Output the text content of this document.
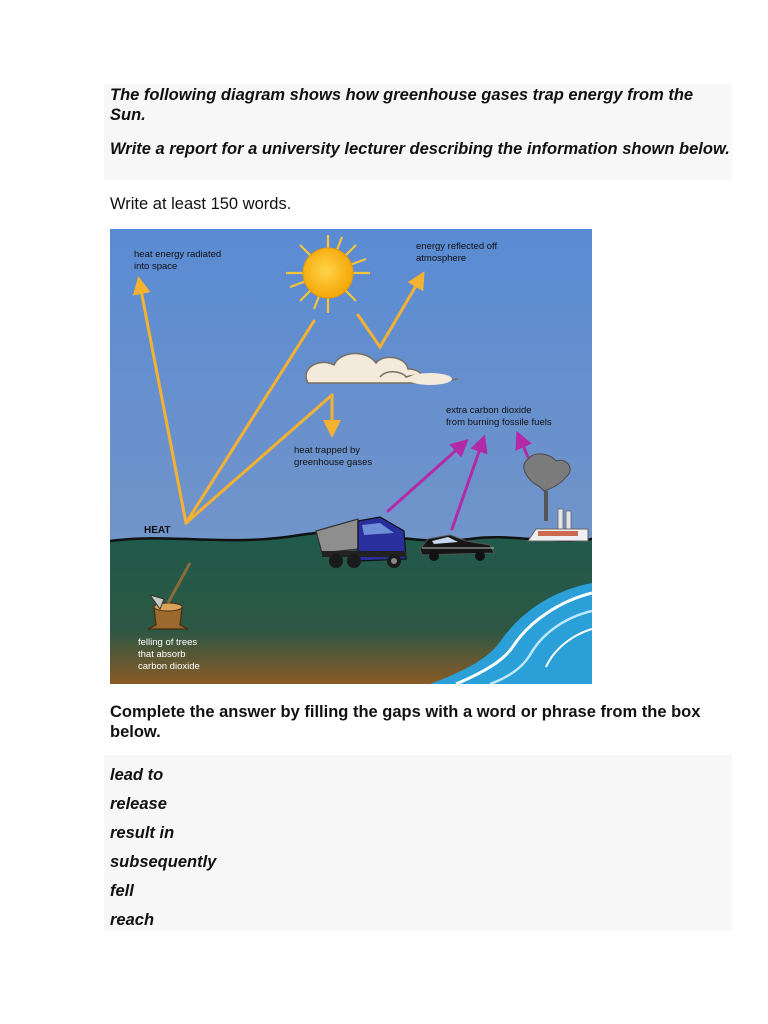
The following diagram shows how greenhouse gases trap energy from the Sun.

Write a report for a university lecturer describing the information shown below.

Write at least 150 words.

heat energy radiated
into space
energy reflected off
atmosphere
extra carbon dioxide
from burning fossile fuels
heat trapped by
greenhouse gases
HEAT
felling of trees
that absorb
carbon dioxide

Complete the answer by filling the gaps with a word or phrase from the box below.

lead to
release
result in
subsequently
fell
reach
